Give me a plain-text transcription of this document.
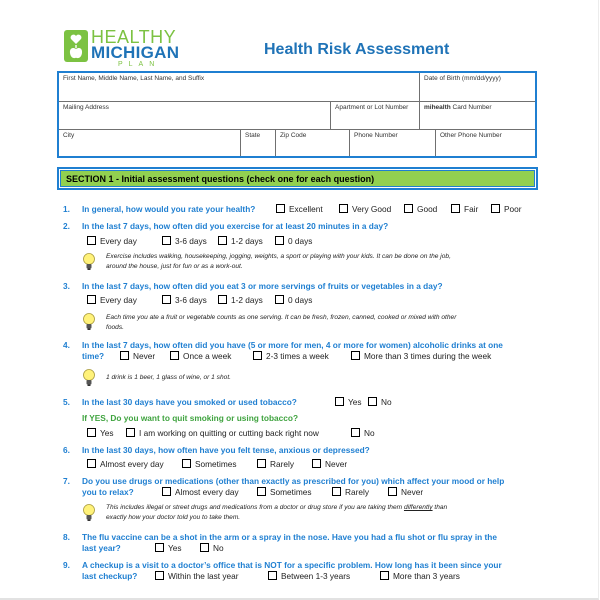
HEALTHY
MICHIGAN
PLAN
Health Risk Assessment
First Name, Middle Name, Last Name, and Suffix	Date of Birth (mm/dd/yyyy)
Mailing Address	Apartment or Lot Number	mihealth Card Number
City	State	Zip Code	Phone Number	Other Phone Number
SECTION 1 - Initial assessment questions (check one for each question)
1. In general, how would you rate your health?	Excellent	Very Good	Good	Fair	Poor
2. In the last 7 days, how often did you exercise for at least 20 minutes in a day?
Every day	3-6 days	1-2 days	0 days
Exercise includes walking, housekeeping, jogging, weights, a sport or playing with your kids. It can be done on the job,
around the house, just for fun or as a work-out.
3. In the last 7 days, how often did you eat 3 or more servings of fruits or vegetables in a day?
Every day	3-6 days	1-2 days	0 days
Each time you ate a fruit or vegetable counts as one serving. It can be fresh, frozen, canned, cooked or mixed with other
foods.
4. In the last 7 days, how often did you have (5 or more for men, 4 or more for women) alcoholic drinks at one
time?	Never	Once a week	2-3 times a week	More than 3 times during the week
1 drink is 1 beer, 1 glass of wine, or 1 shot.
5. In the last 30 days have you smoked or used tobacco?	Yes	No
If YES, Do you want to quit smoking or using tobacco?
Yes	I am working on quitting or cutting back right now	No
6. In the last 30 days, how often have you felt tense, anxious or depressed?
Almost every day	Sometimes	Rarely	Never
7. Do you use drugs or medications (other than exactly as prescribed for you) which affect your mood or help
you to relax?	Almost every day	Sometimes	Rarely	Never
This includes illegal or street drugs and medications from a doctor or drug store if you are taking them differently than
exactly how your doctor told you to take them.
8. The flu vaccine can be a shot in the arm or a spray in the nose. Have you had a flu shot or flu spray in the
last year?	Yes	No
9. A checkup is a visit to a doctor’s office that is NOT for a specific problem. How long has it been since your
last checkup?	Within the last year	Between 1-3 years	More than 3 years
